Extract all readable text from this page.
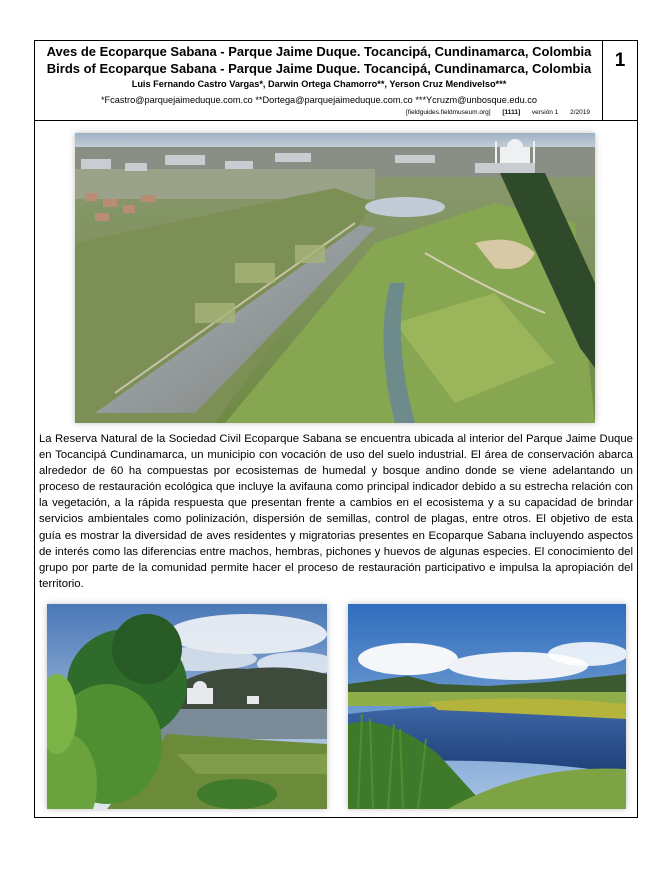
Aves de Ecoparque Sabana - Parque Jaime Duque. Tocancipá, Cundinamarca, Colombia
Birds of Ecoparque Sabana - Parque Jaime Duque. Tocancipá, Cundinamarca, Colombia
Luis Fernando Castro Vargas*, Darwin Ortega Chamorro**, Yerson Cruz Mendivelso***
*Fcastro@parquejaimeduque.com.co **Dortega@parquejaimeduque.com.co ***Ycruzm@unbosque.edu.co
[fieldguides.fieldmuseum.org] [1111] versión 1 2/2019
1
La Reserva Natural de la Sociedad Civil Ecoparque Sabana se encuentra ubicada al interior del Parque Jaime Duque en Tocancipá Cundinamarca, un municipio con vocación de uso del suelo industrial. El área de conservación abarca alrededor de 60 ha compuestas por ecosistemas de humedal y bosque andino donde se viene adelantando un proceso de restauración ecológica que incluye la avifauna como principal indicador debido a su estrecha relación con la vegetación, a la rápida respuesta que presentan frente a cambios en el ecosistema y a su capacidad de brindar servicios ambientales como polinización, dispersión de semillas, control de plagas, entre otros. El objetivo de esta guía es mostrar la diversidad de aves residentes y migratorias presentes en Ecoparque Sabana incluyendo aspectos de interés como las diferencias entre machos, hembras, pichones y huevos de algunas especies. El conocimiento del grupo por parte de la comunidad permite hacer el proceso de restauración participativo e impulsa la apropiación del territorio.
